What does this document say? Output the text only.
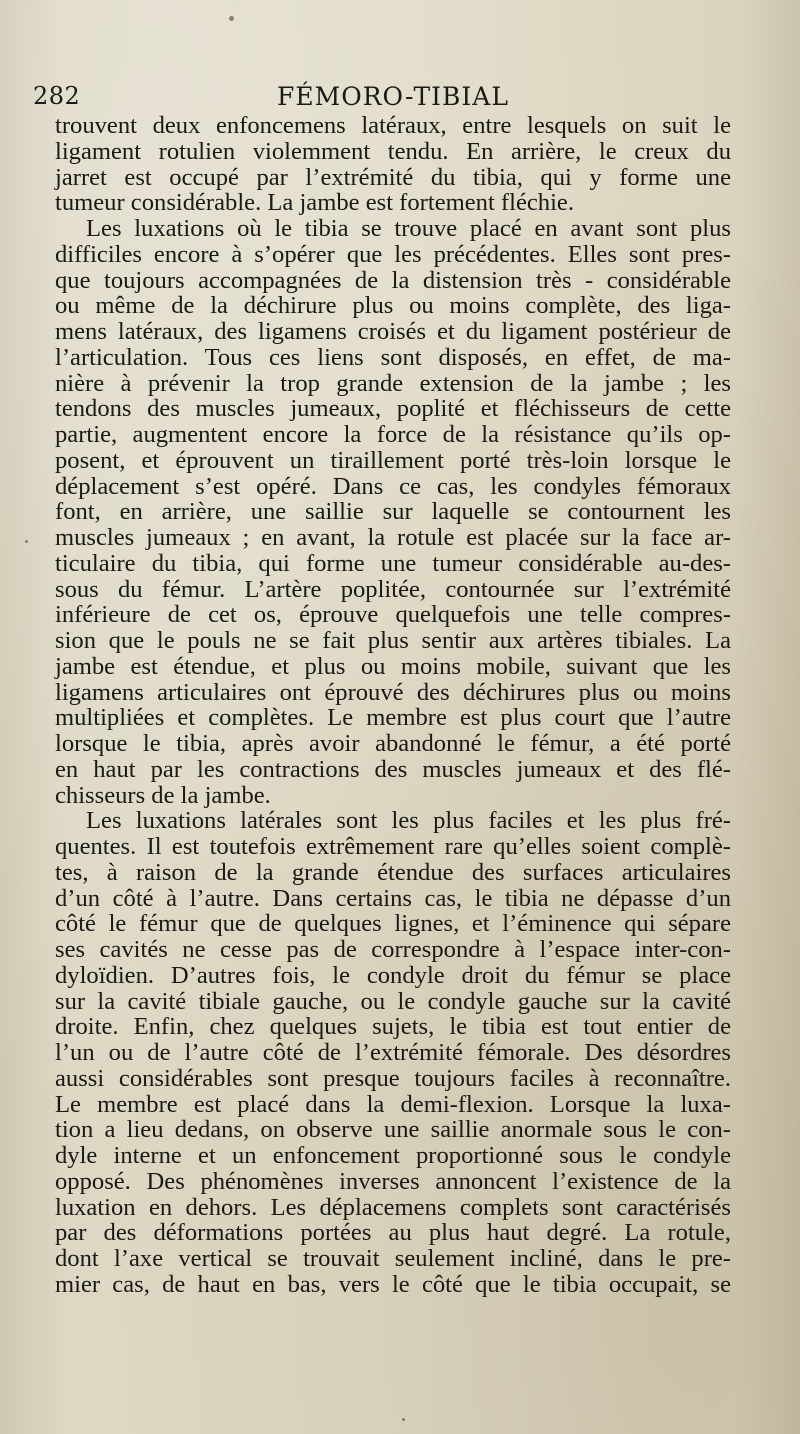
282	FÉMORO-TIBIAL
trouvent deux enfoncemens latéraux, entre lesquels on suit le
ligament rotulien violemment tendu. En arrière, le creux du
jarret est occupé par l’extrémité du tibia, qui y forme une
tumeur considérable. La jambe est fortement fléchie.
Les luxations où le tibia se trouve placé en avant sont plus
difficiles encore à s’opérer que les précédentes. Elles sont pres-
que toujours accompagnées de la distension très - considérable
ou même de la déchirure plus ou moins complète, des liga-
mens latéraux, des ligamens croisés et du ligament postérieur de
l’articulation. Tous ces liens sont disposés, en effet, de ma-
nière à prévenir la trop grande extension de la jambe ; les
tendons des muscles jumeaux, poplité et fléchisseurs de cette
partie, augmentent encore la force de la résistance qu’ils op-
posent, et éprouvent un tiraillement porté très-loin lorsque le
déplacement s’est opéré. Dans ce cas, les condyles fémoraux
font, en arrière, une saillie sur laquelle se contournent les
muscles jumeaux ; en avant, la rotule est placée sur la face ar-
ticulaire du tibia, qui forme une tumeur considérable au-des-
sous du fémur. L’artère poplitée, contournée sur l’extrémité
inférieure de cet os, éprouve quelquefois une telle compres-
sion que le pouls ne se fait plus sentir aux artères tibiales. La
jambe est étendue, et plus ou moins mobile, suivant que les
ligamens articulaires ont éprouvé des déchirures plus ou moins
multipliées et complètes. Le membre est plus court que l’autre
lorsque le tibia, après avoir abandonné le fémur, a été porté
en haut par les contractions des muscles jumeaux et des flé-
chisseurs de la jambe.
Les luxations latérales sont les plus faciles et les plus fré-
quentes. Il est toutefois extrêmement rare qu’elles soient complè-
tes, à raison de la grande étendue des surfaces articulaires
d’un côté à l’autre. Dans certains cas, le tibia ne dépasse d’un
côté le fémur que de quelques lignes, et l’éminence qui sépare
ses cavités ne cesse pas de correspondre à l’espace inter-con-
dyloïdien. D’autres fois, le condyle droit du fémur se place
sur la cavité tibiale gauche, ou le condyle gauche sur la cavité
droite. Enfin, chez quelques sujets, le tibia est tout entier de
l’un ou de l’autre côté de l’extrémité fémorale. Des désordres
aussi considérables sont presque toujours faciles à reconnaître.
Le membre est placé dans la demi-flexion. Lorsque la luxa-
tion a lieu dedans, on observe une saillie anormale sous le con-
dyle interne et un enfoncement proportionné sous le condyle
opposé. Des phénomènes inverses annoncent l’existence de la
luxation en dehors. Les déplacemens complets sont caractérisés
par des déformations portées au plus haut degré. La rotule,
dont l’axe vertical se trouvait seulement incliné, dans le pre-
mier cas, de haut en bas, vers le côté que le tibia occupait, se
